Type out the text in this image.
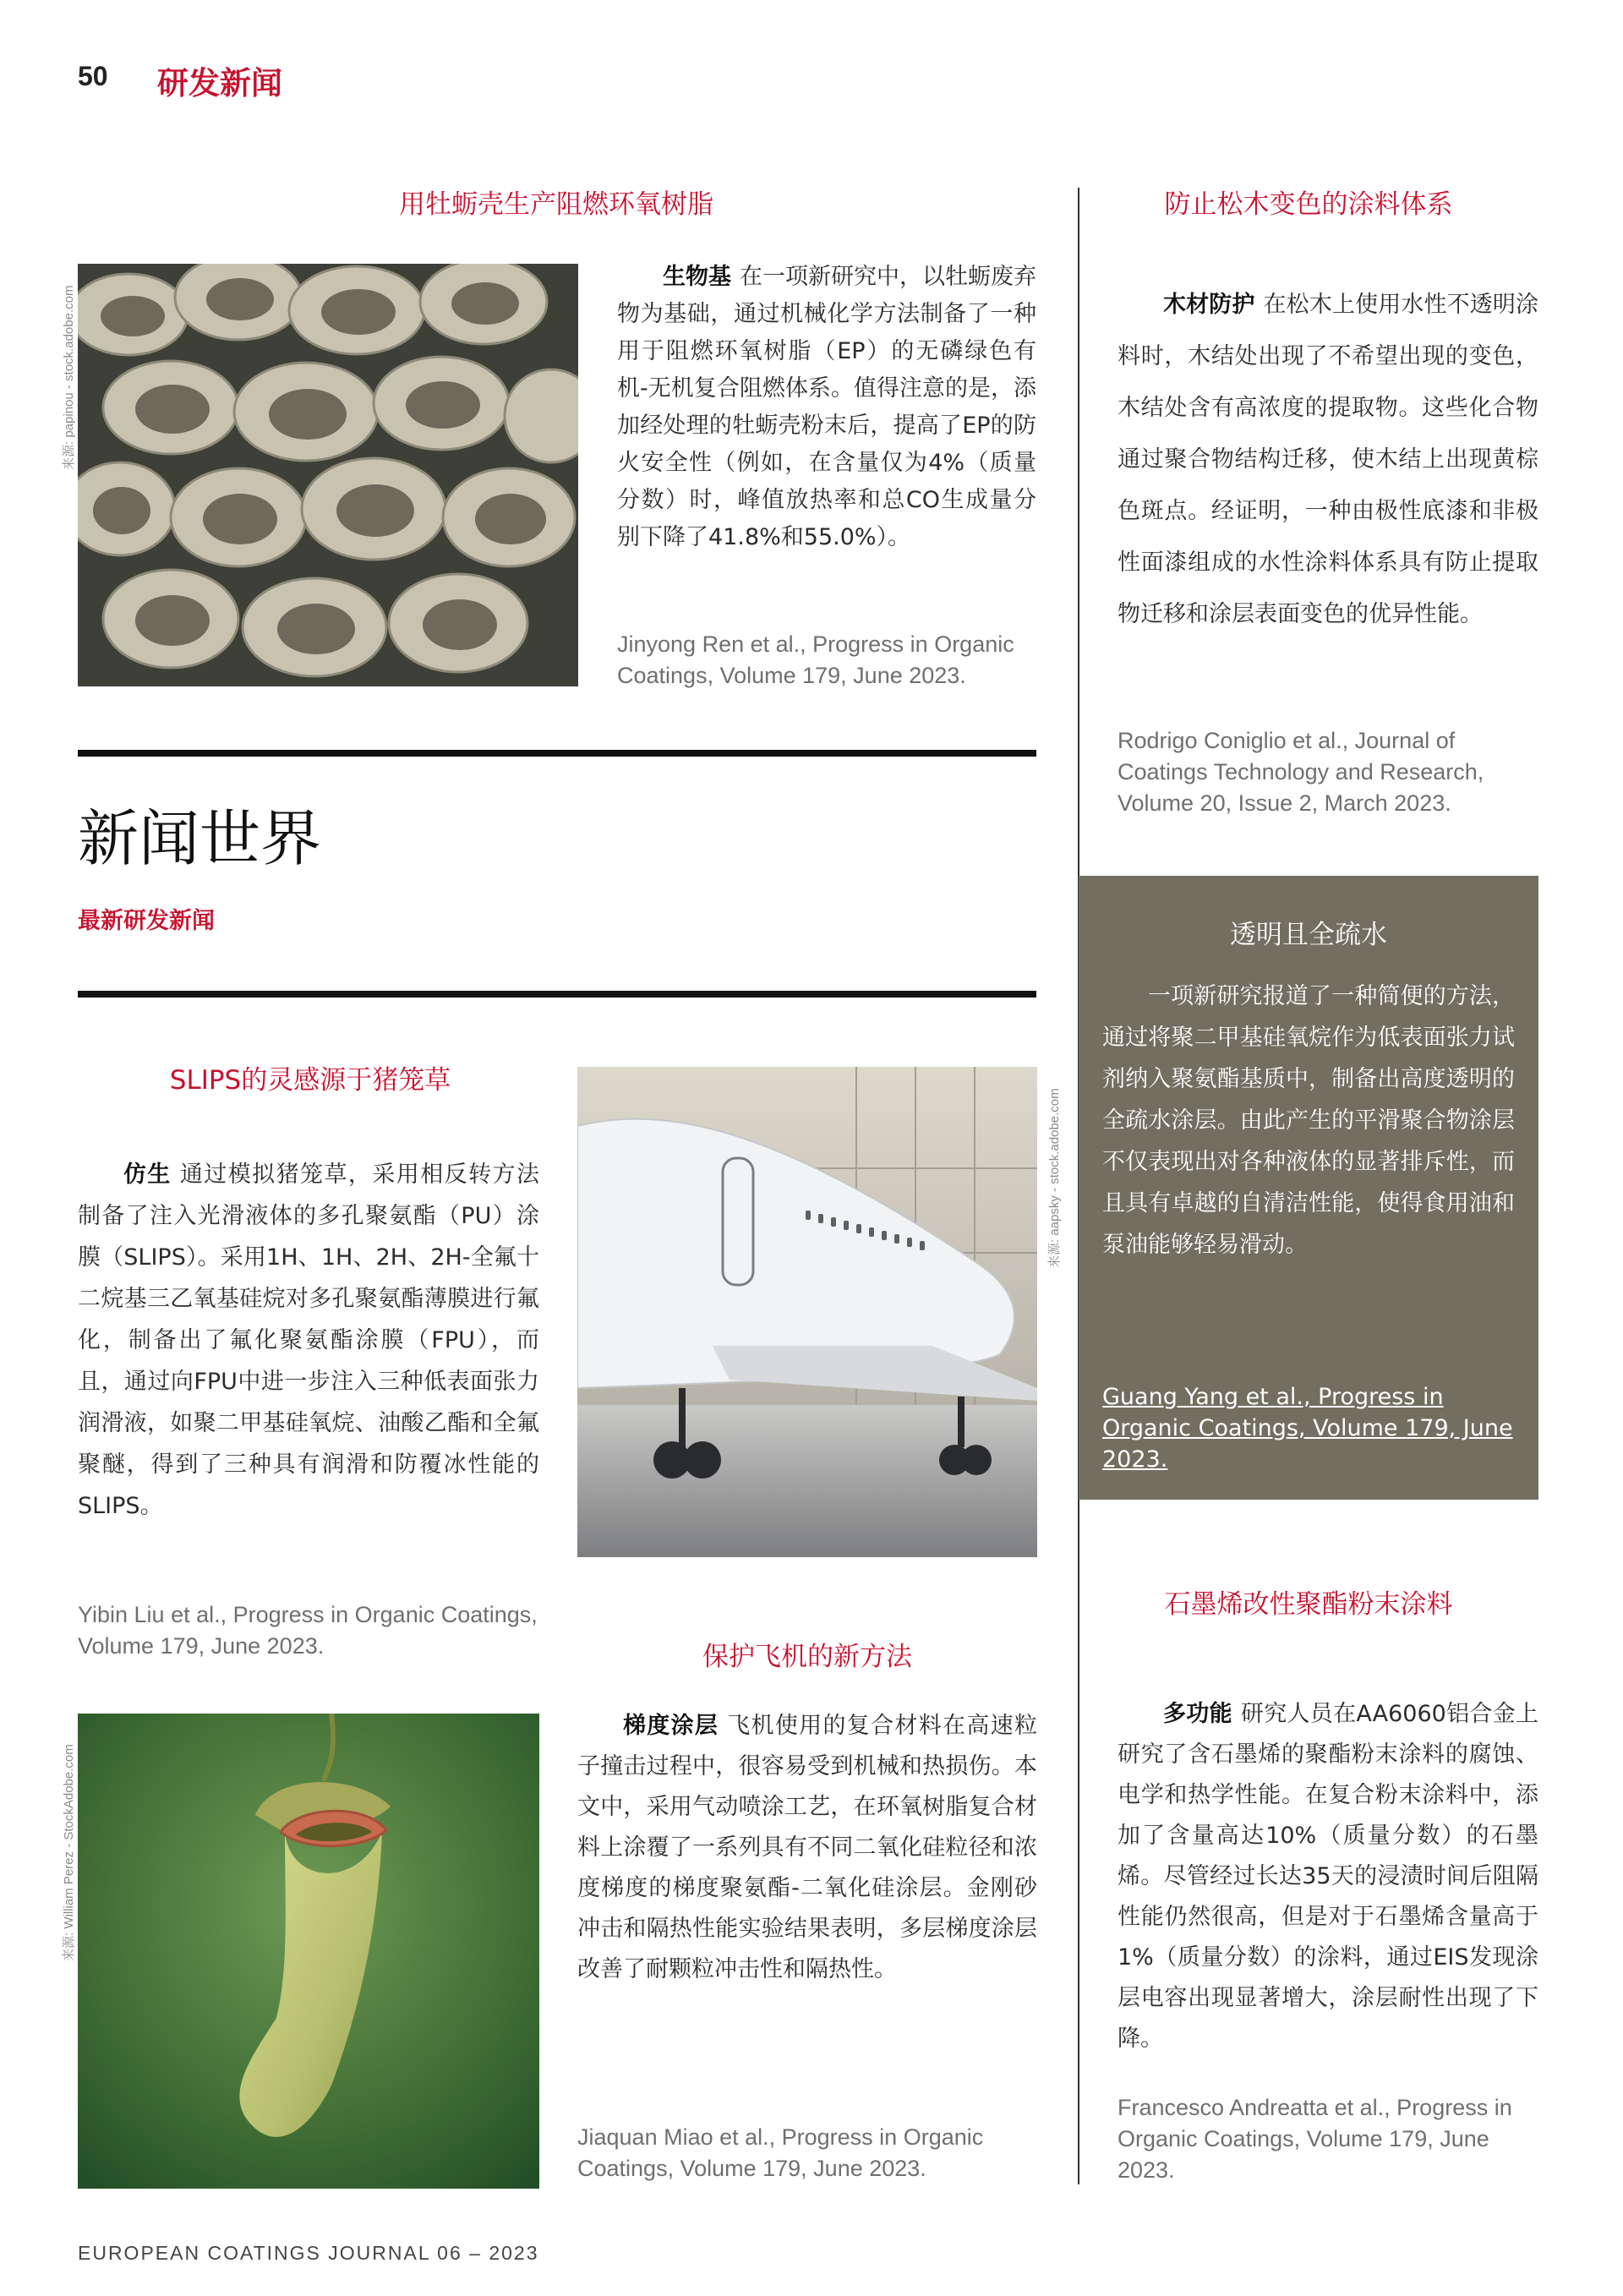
50 研发新闻
用牡蛎壳生产阻燃环氧树脂
来源: papinou - stock.adobe.com

生物基 在一项新研究中，以牡蛎废弃物为基础，通过机械化学方法制备了一种用于阻燃环氧树脂（EP）的无磷绿色有机-无机复合阻燃体系。值得注意的是，添加经处理的牡蛎壳粉末后，提高了EP的防火安全性（例如，在含量仅为4%（质量分数）时，峰值放热率和总CO生成量分别下降了41.8%和55.0%）。

Jinyong Ren et al., Progress in Organic Coatings, Volume 179, June 2023.
新闻世界
最新研发新闻
SLIPS的灵感源于猪笼草

仿生 通过模拟猪笼草，采用相反转方法制备了注入光滑液体的多孔聚氨酯（PU）涂膜（SLIPS）。采用1H、1H、2H、2H-全氟十二烷基三乙氧基硅烷对多孔聚氨酯薄膜进行氟化，制备出了氟化聚氨酯涂膜（FPU），而且，通过向FPU中进一步注入三种低表面张力润滑液，如聚二甲基硅氧烷、油酸乙酯和全氟聚醚，得到了三种具有润滑和防覆冰性能的SLIPS。

Yibin Liu et al., Progress in Organic Coatings, Volume 179, June 2023.
来源: aapsky - stock.adobe.com
保护飞机的新方法

梯度涂层 飞机使用的复合材料在高速粒子撞击过程中，很容易受到机械和热损伤。本文中，采用气动喷涂工艺，在环氧树脂复合材料上涂覆了一系列具有不同二氧化硅粒径和浓度梯度的梯度聚氨酯-二氧化硅涂层。金刚砂冲击和隔热性能实验结果表明，多层梯度涂层改善了耐颗粒冲击性和隔热性。

Jiaquan Miao et al., Progress in Organic Coatings, Volume 179, June 2023.
来源: William Perez - StockAdobe.com
防止松木变色的涂料体系

木材防护 在松木上使用水性不透明涂料时，木结处出现了不希望出现的变色，木结处含有高浓度的提取物。这些化合物通过聚合物结构迁移，使木结上出现黄棕色斑点。经证明，一种由极性底漆和非极性面漆组成的水性涂料体系具有防止提取物迁移和涂层表面变色的优异性能。

Rodrigo Coniglio et al., Journal of Coatings Technology and Research, Volume 20, Issue 2, March 2023.
透明且全疏水

一项新研究报道了一种简便的方法，通过将聚二甲基硅氧烷作为低表面张力试剂纳入聚氨酯基质中，制备出高度透明的全疏水涂层。由此产生的平滑聚合物涂层不仅表现出对各种液体的显著排斥性，而且具有卓越的自清洁性能，使得食用油和泵油能够轻易滑动。

Guang Yang et al., Progress in Organic Coatings, Volume 179, June 2023.
石墨烯改性聚酯粉末涂料

多功能 研究人员在AA6060铝合金上研究了含石墨烯的聚酯粉末涂料的腐蚀、电学和热学性能。在复合粉末涂料中，添加了含量高达10%（质量分数）的石墨烯。尽管经过长达35天的浸渍时间后阻隔性能仍然很高，但是对于石墨烯含量高于1%（质量分数）的涂料，通过EIS发现涂层电容出现显著增大，涂层耐性出现了下降。

Francesco Andreatta et al., Progress in Organic Coatings, Volume 179, June 2023.
EUROPEAN COATINGS JOURNAL 06 – 2023
